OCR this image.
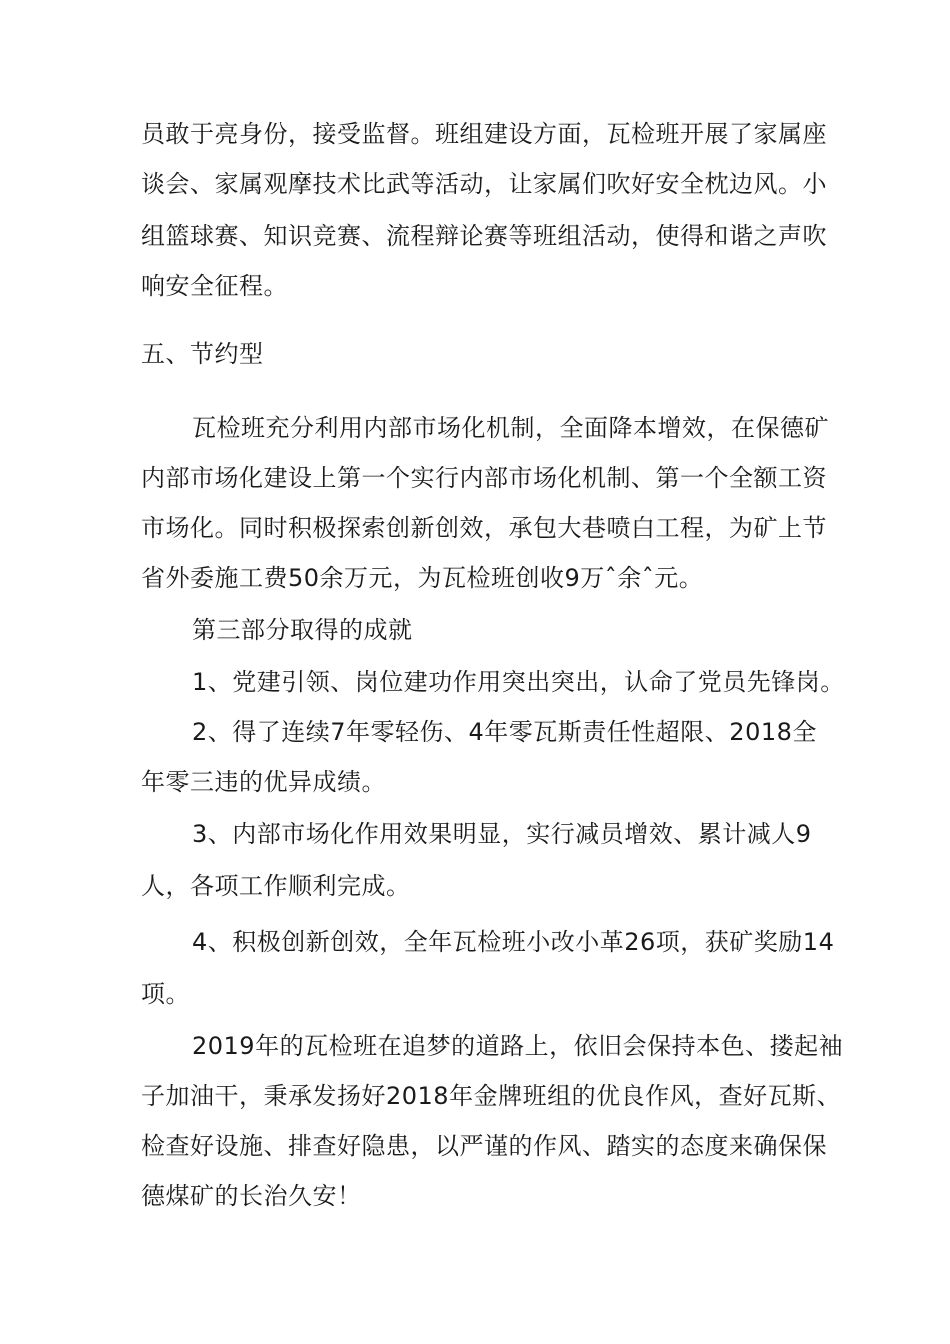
员敢于亮身份，接受监督。班组建设方面，瓦检班开展了家属座
谈会、家属观摩技术比武等活动，让家属们吹好安全枕边风。小
组篮球赛、知识竞赛、流程辩论赛等班组活动，使得和谐之声吹
响安全征程。
五、节约型
瓦检班充分利用内部市场化机制，全面降本增效，在保德矿
内部市场化建设上第一个实行内部市场化机制、第一个全额工资
市场化。同时积极探索创新创效，承包大巷喷白工程，为矿上节
省外委施工费50余万元，为瓦检班创收9万ˆ余ˆ元。
第三部分取得的成就
1、党建引领、岗位建功作用突出突出，认命了党员先锋岗。
2、得了连续7年零轻伤、4年零瓦斯责任性超限、2018全
年零三违的优异成绩。
3、内部市场化作用效果明显，实行减员增效、累计减人9
人，各项工作顺利完成。
4、积极创新创效，全年瓦检班小改小革26项，获矿奖励14
项。
2019年的瓦检班在追梦的道路上，依旧会保持本色、搂起袖
子加油干，秉承发扬好2018年金牌班组的优良作风，查好瓦斯、
检查好设施、排查好隐患，以严谨的作风、踏实的态度来确保保
德煤矿的长治久安！
